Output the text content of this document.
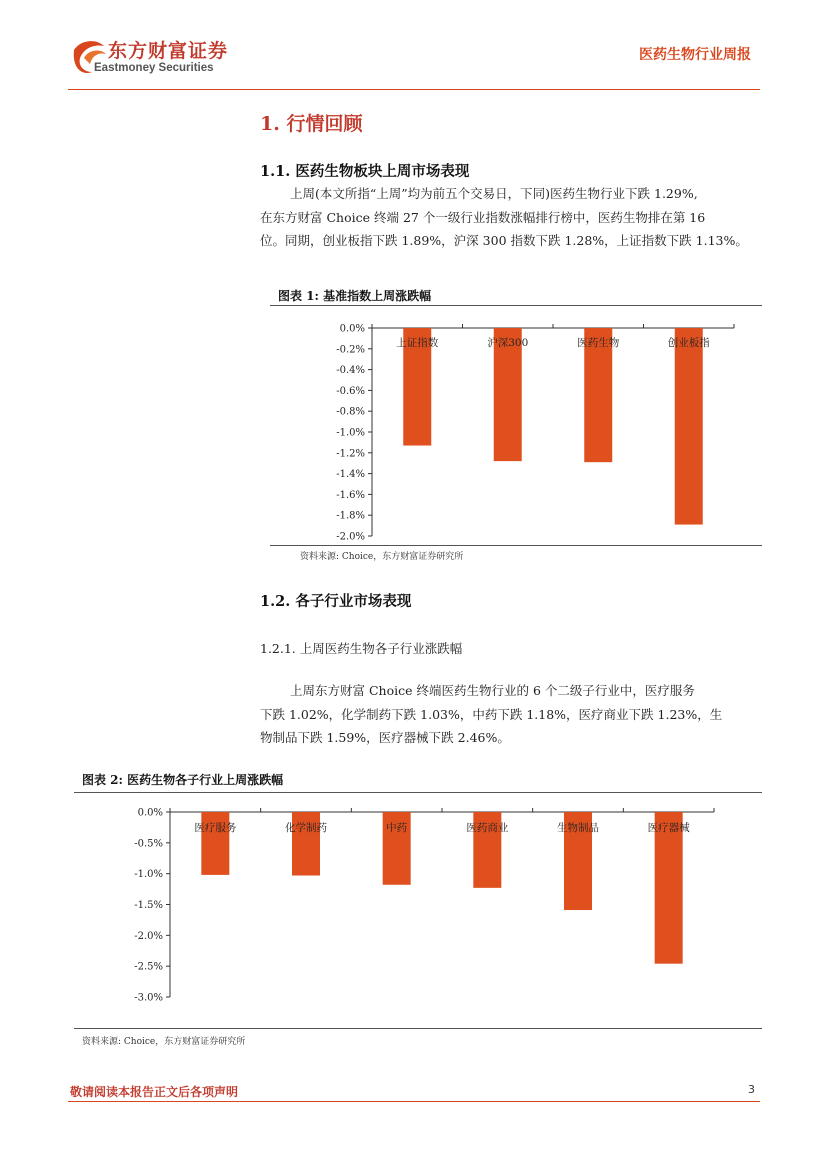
东方财富证券
Eastmoney Securities
医药生物行业周报
1. 行情回顾
1.1. 医药生物板块上周市场表现
上周(本文所指“上周”均为前五个交易日，下同)医药生物行业下跌 1.29%,
在东方财富 Choice 终端 27 个一级行业指数涨幅排行榜中，医药生物排在第 16
位。同期，创业板指下跌 1.89%，沪深 300 指数下跌 1.28%，上证指数下跌 1.13%。
图表 1: 基准指数上周涨跌幅
0.0%
-0.2%
-0.4%
-0.6%
-0.8%
-1.0%
-1.2%
-1.4%
-1.6%
-1.8%
-2.0%
上证指数	沪深300	医药生物	创业板指
资料来源: Choice，东方财富证券研究所
1.2. 各子行业市场表现
1.2.1. 上周医药生物各子行业涨跌幅
上周东方财富 Choice 终端医药生物行业的 6 个二级子行业中，医疗服务
下跌 1.02%，化学制药下跌 1.03%，中药下跌 1.18%，医疗商业下跌 1.23%，生
物制品下跌 1.59%，医疗器械下跌 2.46%。
图表 2: 医药生物各子行业上周涨跌幅
0.0%
-0.5%
-1.0%
-1.5%
-2.0%
-2.5%
-3.0%
医疗服务	化学制药	中药	医药商业	生物制品	医疗器械
资料来源: Choice，东方财富证券研究所
敬请阅读本报告正文后各项声明	3
